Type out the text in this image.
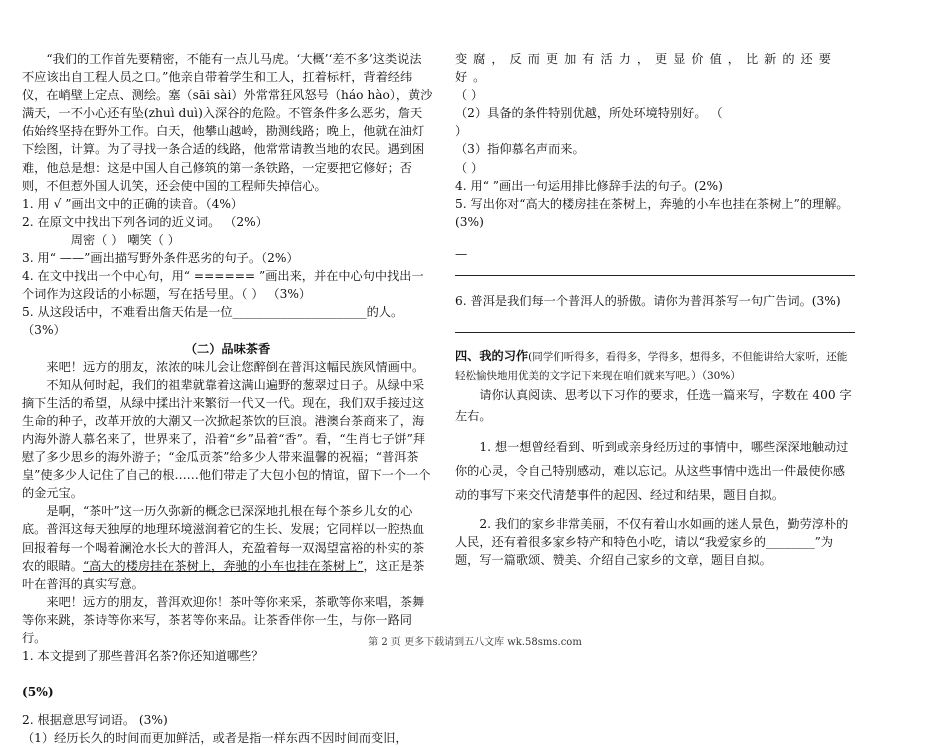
“我们的工作首先要精密，不能有一点儿马虎。‘大概’‘差不多’这类说法不应该出自工程人员之口。”他亲自带着学生和工人，扛着标杆，背着经纬仪，在峭壁上定点、测绘。塞（sāi sài）外常常狂风怒号（háo hào），黄沙满天，一不小心还有坠(zhuì duì)入深谷的危险。不管条件多么恶劣，詹天佑始终坚持在野外工作。白天，他攀山越岭，勘测线路；晚上，他就在油灯下绘图，计算。为了寻找一条合适的线路，他常常请教当地的农民。遇到困难，他总是想：这是中国人自己修筑的第一条铁路，一定要把它修好；否则，不但惹外国人讥笑，还会使中国的工程师失掉信心。

1. 用 √ ”画出文中的正确的读音。（4%）

2. 在原文中找出下列各词的近义词。 （2%）

周密（ ） 嘲笑（ ）

3. 用“ ——”画出描写野外条件恶劣的句子。（2%）

4. 在文中找出一个中心句，用“ ====== ”画出来，并在中心句中找出一个词作为这段话的小标题，写在括号里。（ ） （3%）

5. 从这段话中，不难看出詹天佑是一位______________________的人。（3%）

（二）品味茶香

来吧！远方的朋友，浓浓的味儿会让您醉倒在普洱这幅民族风情画中。

不知从何时起，我们的祖辈就靠着这满山遍野的葱翠过日子。从绿中采摘下生活的希望，从绿中揉出汁来繁衍一代又一代。现在，我们双手接过这生命的种子，改革开放的大潮又一次掀起茶饮的巨浪。港澳台茶商来了，海内海外游人慕名来了，世界来了，沿着“乡”品着“香”。看，“生肖七子饼”拜慰了多少思乡的海外游子；“金瓜贡茶”给多少人带来温馨的祝福；“普洱茶皇”使多少人记住了自己的根……他们带走了大包小包的情谊，留下一个一个的金元宝。

是啊，“茶叶”这一历久弥新的概念已深深地扎根在每个茶乡儿女的心底。普洱这每天独厚的地理环境滋润着它的生长、发展；它同样以一腔热血回报着每一个喝着澜沧水长大的普洱人，充盈着每一双渴望富裕的朴实的茶农的眼睛。“高大的楼房挂在茶树上，奔驰的小车也挂在茶树上”，这正是茶叶在普洱的真实写意。

来吧！远方的朋友，普洱欢迎你！茶叶等你来采，茶歌等你来唱，茶舞等你来跳，茶诗等你来写，茶茗等你来品。让茶香伴你一生，与你一路同行。

1. 本文提到了那些普洱名茶?你还知道哪些？

(5%)

2. 根据意思写词语。 (3%)

（1）经历长久的时间而更加鲜活，或者是指一样东西不因时间而变旧，

变腐，反而更加有活力，更显价值，比新的还要好。

（ ）

（2）具备的条件特别优越，所处环境特别好。 （

）

（3）指仰慕名声而来。

（ ）

4. 用“ ”画出一句运用排比修辞手法的句子。(2%)

5. 写出你对“高大的楼房挂在茶树上，奔驰的小车也挂在茶树上”的理解。(3%)

—

6. 普洱是我们每一个普洱人的骄傲。请你为普洱茶写一句广告词。(3%)

四、我的习作(同学们听得多，看得多，学得多，想得多，不但能讲给大家听，还能轻松愉快地用优美的文字记下来现在咱们就来写吧。）（30%）

请你认真阅读、思考以下习作的要求，任选一篇来写，字数在 400 字左右。

1. 想一想曾经看到、听到或亲身经历过的事情中，哪些深深地触动过你的心灵，令自己特别感动，难以忘记。从这些事情中选出一件最使你感动的事写下来交代清楚事件的起因、经过和结果，题目自拟。

2. 我们的家乡非常美丽，不仅有着山水如画的迷人景色，勤劳淳朴的人民，还有着很多家乡特产和特色小吃，请以“我爱家乡的________”为题，写一篇歌颂、赞美、介绍自己家乡的文章，题目自拟。

第 2 页 更多下载请到五八文库 wk.58sms.com
